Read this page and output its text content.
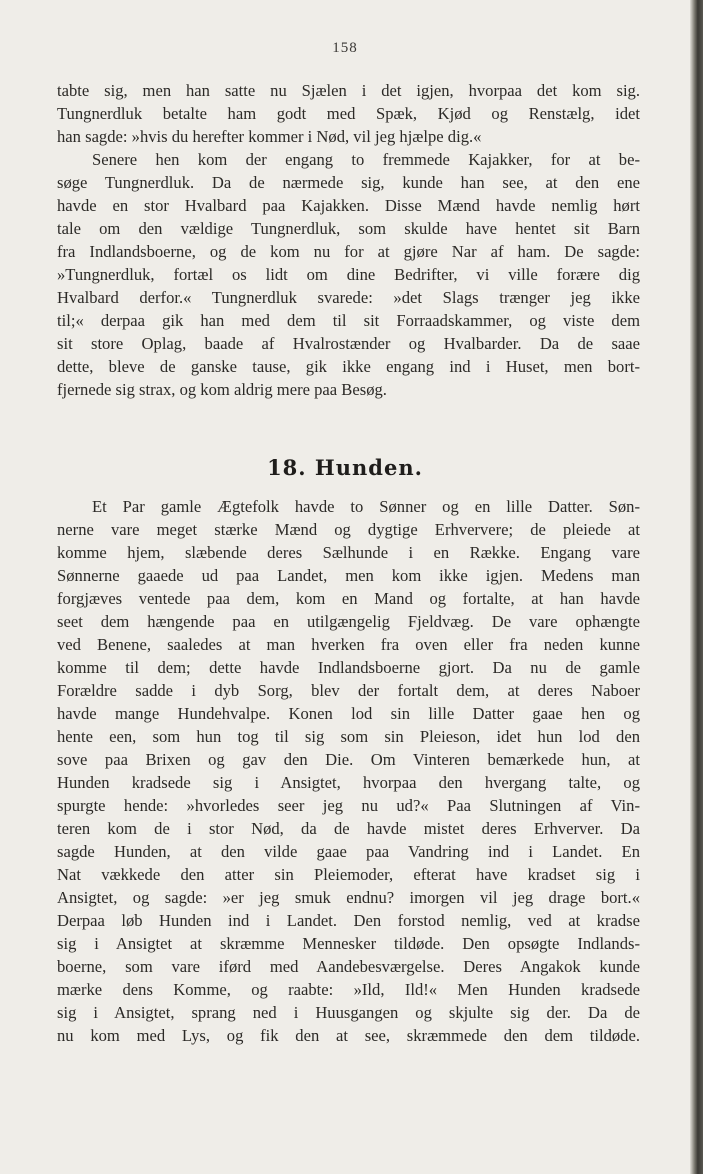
158
tabte sig, men han satte nu Sjælen i det igjen, hvorpaa det kom sig.
Tungnerdluk betalte ham godt med Spæk, Kjød og Renstælg, idet
han sagde: »hvis du herefter kommer i Nød, vil jeg hjælpe dig.«
Senere hen kom der engang to fremmede Kajakker, for at be-
søge Tungnerdluk. Da de nærmede sig, kunde han see, at den ene
havde en stor Hvalbard paa Kajakken. Disse Mænd havde nemlig hørt
tale om den vældige Tungnerdluk, som skulde have hentet sit Barn
fra Indlandsboerne, og de kom nu for at gjøre Nar af ham. De sagde:
»Tungnerdluk, fortæl os lidt om dine Bedrifter, vi ville forære dig
Hvalbard derfor.« Tungnerdluk svarede: »det Slags trænger jeg ikke
til;« derpaa gik han med dem til sit Forraadskammer, og viste dem
sit store Oplag, baade af Hvalrostænder og Hvalbarder. Da de saae
dette, bleve de ganske tause, gik ikke engang ind i Huset, men bort-
fjernede sig strax, og kom aldrig mere paa Besøg.
18. Hunden.
Et Par gamle Ægtefolk havde to Sønner og en lille Datter. Søn-
nerne vare meget stærke Mænd og dygtige Erhververe; de pleiede at
komme hjem, slæbende deres Sælhunde i en Række. Engang vare
Sønnerne gaaede ud paa Landet, men kom ikke igjen. Medens man
forgjæves ventede paa dem, kom en Mand og fortalte, at han havde
seet dem hængende paa en utilgængelig Fjeldvæg. De vare ophængte
ved Benene, saaledes at man hverken fra oven eller fra neden kunne
komme til dem; dette havde Indlandsboerne gjort. Da nu de gamle
Forældre sadde i dyb Sorg, blev der fortalt dem, at deres Naboer
havde mange Hundehvalpe. Konen lod sin lille Datter gaae hen og
hente een, som hun tog til sig som sin Pleieson, idet hun lod den
sove paa Brixen og gav den Die. Om Vinteren bemærkede hun, at
Hunden kradsede sig i Ansigtet, hvorpaa den hvergang talte, og
spurgte hende: »hvorledes seer jeg nu ud?« Paa Slutningen af Vin-
teren kom de i stor Nød, da de havde mistet deres Erhverver. Da
sagde Hunden, at den vilde gaae paa Vandring ind i Landet. En
Nat vækkede den atter sin Pleiemoder, efterat have kradset sig i
Ansigtet, og sagde: »er jeg smuk endnu? imorgen vil jeg drage bort.«
Derpaa løb Hunden ind i Landet. Den forstod nemlig, ved at kradse
sig i Ansigtet at skræmme Mennesker tildøde. Den opsøgte Indlands-
boerne, som vare iførd med Aandebesværgelse. Deres Angakok kunde
mærke dens Komme, og raabte: »Ild, Ild!« Men Hunden kradsede
sig i Ansigtet, sprang ned i Huusgangen og skjulte sig der. Da de
nu kom med Lys, og fik den at see, skræmmede den dem tildøde.
